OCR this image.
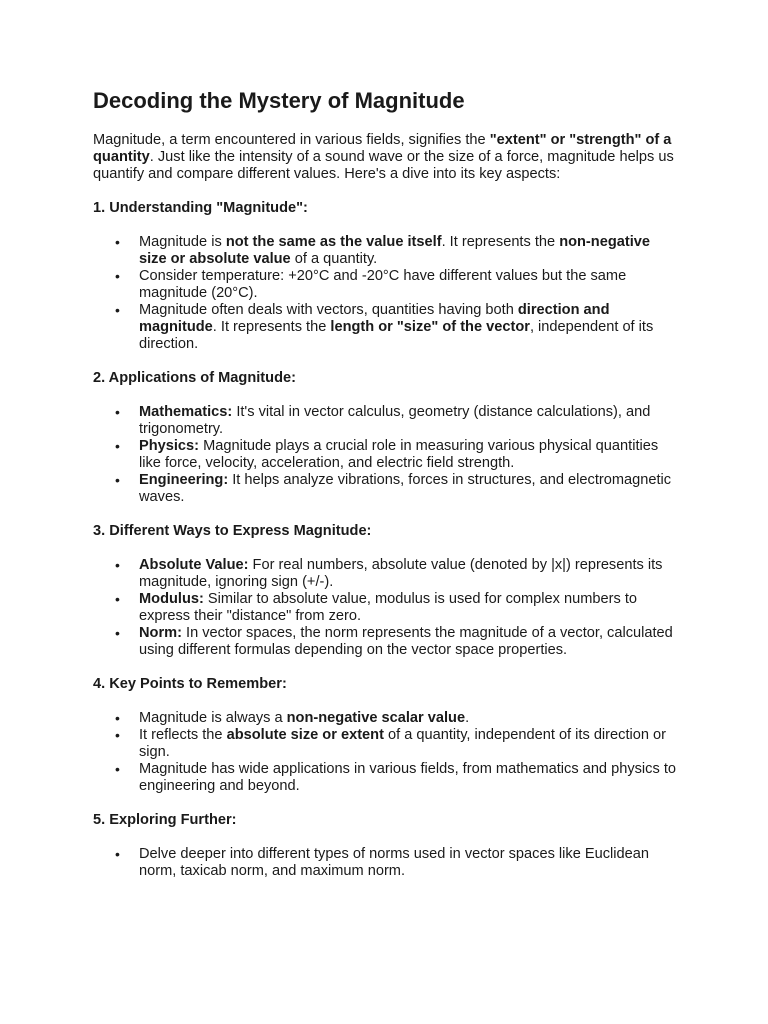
Decoding the Mystery of Magnitude

Magnitude, a term encountered in various fields, signifies the "extent" or "strength" of a quantity. Just like the intensity of a sound wave or the size of a force, magnitude helps us quantify and compare different values. Here's a dive into its key aspects:

1. Understanding "Magnitude":
• Magnitude is not the same as the value itself. It represents the non-negative size or absolute value of a quantity.
• Consider temperature: +20°C and -20°C have different values but the same magnitude (20°C).
• Magnitude often deals with vectors, quantities having both direction and magnitude. It represents the length or "size" of the vector, independent of its direction.
2. Applications of Magnitude:
• Mathematics: It's vital in vector calculus, geometry (distance calculations), and trigonometry.
• Physics: Magnitude plays a crucial role in measuring various physical quantities like force, velocity, acceleration, and electric field strength.
• Engineering: It helps analyze vibrations, forces in structures, and electromagnetic waves.
3. Different Ways to Express Magnitude:
• Absolute Value: For real numbers, absolute value (denoted by |x|) represents its magnitude, ignoring sign (+/-).
• Modulus: Similar to absolute value, modulus is used for complex numbers to express their "distance" from zero.
• Norm: In vector spaces, the norm represents the magnitude of a vector, calculated using different formulas depending on the vector space properties.
4. Key Points to Remember:
• Magnitude is always a non-negative scalar value.
• It reflects the absolute size or extent of a quantity, independent of its direction or sign.
• Magnitude has wide applications in various fields, from mathematics and physics to engineering and beyond.
5. Exploring Further:
• Delve deeper into different types of norms used in vector spaces like Euclidean norm, taxicab norm, and maximum norm.
